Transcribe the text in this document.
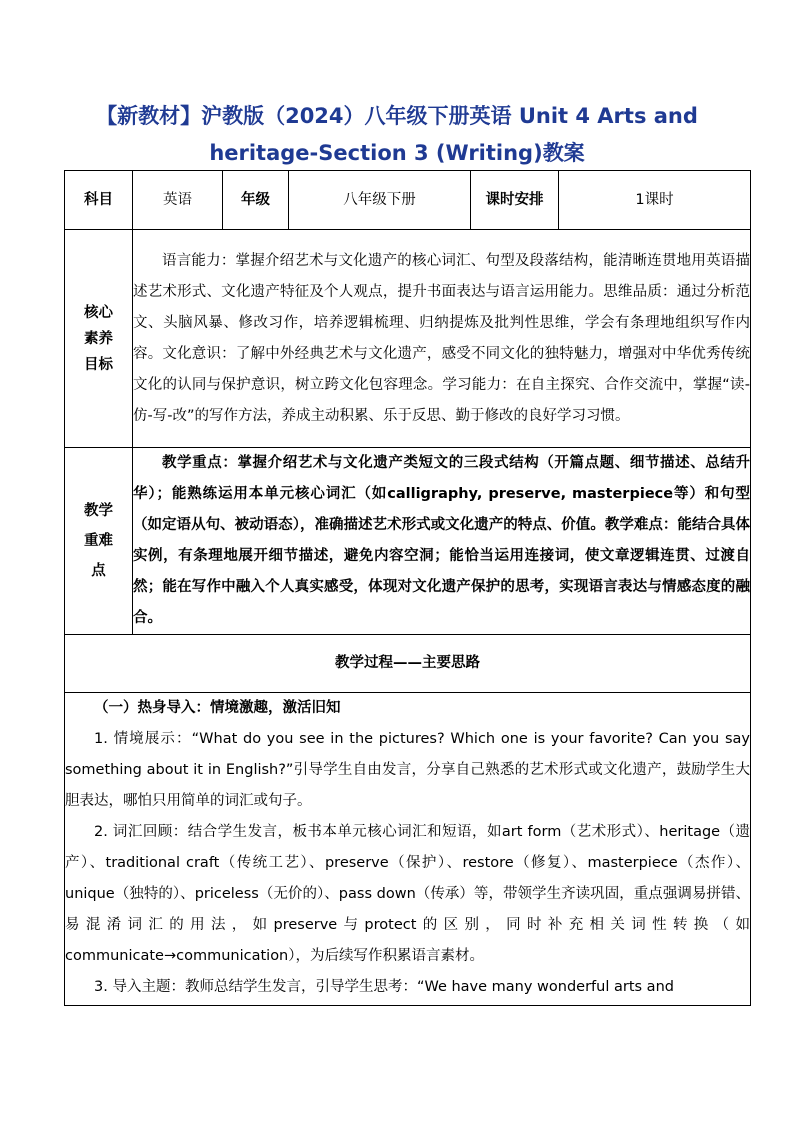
【新教材】沪教版（2024）八年级下册英语 Unit 4 Arts and
heritage-Section 3 (Writing)教案
科目	英语	年级	八年级下册	课时安排	1课时
核心素养目标	语言能力：掌握介绍艺术与文化遗产的核心词汇、句型及段落结构，能清晰连贯地用英语描述艺术形式、文化遗产特征及个人观点，提升书面表达与语言运用能力。思维品质：通过分析范文、头脑风暴、修改习作，培养逻辑梳理、归纳提炼及批判性思维，学会有条理地组织写作内容。文化意识：了解中外经典艺术与文化遗产，感受不同文化的独特魅力，增强对中华优秀传统文化的认同与保护意识，树立跨文化包容理念。学习能力：在自主探究、合作交流中，掌握“读-仿-写-改”的写作方法，养成主动积累、乐于反思、勤于修改的良好学习习惯。				
教学重难点	教学重点：掌握介绍艺术与文化遗产类短文的三段式结构（开篇点题、细节描述、总结升华）；能熟练运用本单元核心词汇（如calligraphy, preserve, masterpiece等）和句型（如定语从句、被动语态），准确描述艺术形式或文化遗产的特点、价值。教学难点：能结合具体实例，有条理地展开细节描述，避免内容空洞；能恰当运用连接词，使文章逻辑连贯、过渡自然；能在写作中融入个人真实感受，体现对文化遗产保护的思考，实现语言表达与情感态度的融合。				
教学过程——主要思路					

（一）热身导入：情境激趣，激活旧知

1. 情境展示：“What do you see in the pictures? Which one is your favorite? Can you say something about it in English?”引导学生自由发言，分享自己熟悉的艺术形式或文化遗产，鼓励学生大胆表达，哪怕只用简单的词汇或句子。

2. 词汇回顾：结合学生发言，板书本单元核心词汇和短语，如art form（艺术形式）、heritage（遗产）、traditional craft（传统工艺）、preserve（保护）、restore（修复）、masterpiece（杰作）、unique（独特的）、priceless（无价的）、pass down（传承）等，带领学生齐读巩固，重点强调易拼错、易混淆词汇的用法，如preserve与protect的区别，同时补充相关词性转换（如communicate→communication），为后续写作积累语言素材。

3. 导入主题：教师总结学生发言，引导学生思考：“We have many wonderful arts and					
